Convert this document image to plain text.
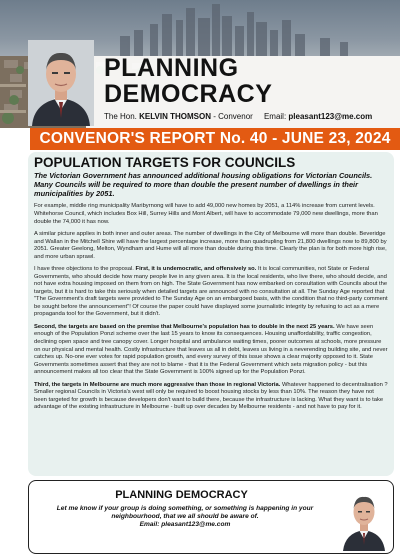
PLANNING
DEMOCRACY
The Hon. KELVIN THOMSON - Convenor Email: pleasant123@me.com
CONVENOR'S REPORT No. 40 - JUNE 23, 2024
POPULATION TARGETS FOR COUNCILS
The Victorian Government has announced additional housing obligations for Victorian Councils. Many Councils will be required to more than double the present number of dwellings in their municipalities by 2051.

For example, middle ring municipality Maribyrnong will have to add 49,000 new homes by 2051, a 114% increase from current levels. Whitehorse Council, which includes Box Hill, Surrey Hills and Mont Albert, will have to accommodate 79,000 new dwellings, more than double the 74,000 it has now.

A similar picture applies in both inner and outer areas. The number of dwellings in the City of Melbourne will more than double. Beveridge and Wallan in the Mitchell Shire will have the largest percentage increase, more than quadrupling from 21,800 dwellings now to 89,800 by 2051. Greater Geelong, Melton, Wyndham and Hume will all more than double during this time. Clearly the plan is for both more high rise, and more urban sprawl.

I have three objections to the proposal. First, it is undemocratic, and offensively so. It is local communities, not State or Federal Governments, who should decide how many people live in any given area. It is the local residents, who live there, who should decide, and not have extra housing imposed on them from on high. The State Government has now embarked on consultation with Councils about the targets, but it is hard to take this seriously when detailed targets are announced with no consultation at all. The Sunday Age reported that "The Government's draft targets were provided to The Sunday Age on an embargoed basis, with the condition that no third-party comment be sought before the announcement"! Of course the paper could have displayed some journalistic integrity by refusing to act as a mere propaganda tool for the Government, but it didn't.

Second, the targets are based on the premise that Melbourne's population has to double in the next 25 years. We have seen enough of the Population Ponzi scheme over the last 15 years to know its consequences. Housing unaffordability, traffic congestion, declining open space and tree canopy cover. Longer hospital and ambulance waiting times, poorer outcomes at schools, more pressure on our physical and mental health. Costly infrastructure that leaves us all in debt, leaves us living in a neverending building site, and never catches up. No-one ever votes for rapid population growth, and every survey of this issue shows a clear majority opposed to it. State Governments sometimes assert that they are not to blame - that it is the Federal Government which sets migration policy - but this announcement makes all too clear that the State Government is 100% signed up for the Population Ponzi.

Third, the targets in Melbourne are much more aggressive than those in regional Victoria. Whatever happened to decentralisation ? Smaller regional Councils in Victoria's west will only be required to boost housing stocks by less than 10%. The reason they have not been targeted for growth is because developers don't want to build there, because the infrastructure is lacking. What they want is to take advantage of the existing infrastructure in Melbourne - built up over decades by Melbourne residents - and not have to pay for it.

PLANNING DEMOCRACY
Let me know if your group is doing something, or something is happening in your neighbourhood, that we all should be aware of.
Email: pleasant123@me.com
